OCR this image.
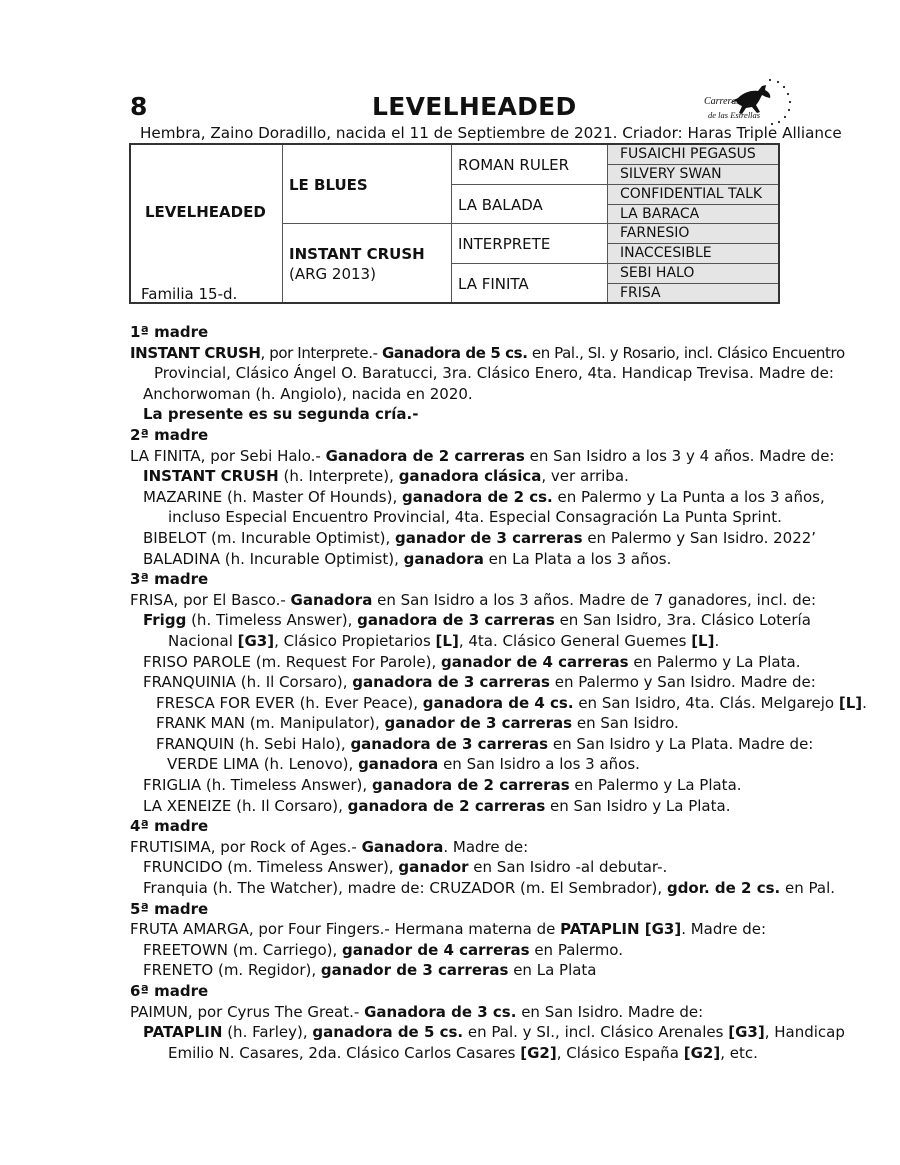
8	LEVELHEADED	Carreras
de las Estrellas
Hembra, Zaino Doradillo, nacida el 11 de Septiembre de 2021. Criador: Haras Triple Alliance
LEVELHEADED
Familia 15-d.
LE BLUES
INSTANT CRUSH
(ARG 2013)
ROMAN RULER
LA BALADA
INTERPRETE
LA FINITA
FUSAICHI PEGASUS
SILVERY SWAN
CONFIDENTIAL TALK
LA BARACA
FARNESIO
INACCESIBLE
SEBI HALO
FRISA

1ª madre

INSTANT CRUSH, por Interprete.- Ganadora de 5 cs. en Pal., SI. y Rosario, incl. Clásico Encuentro

Provincial, Clásico Ángel O. Baratucci, 3ra. Clásico Enero, 4ta. Handicap Trevisa. Madre de:

Anchorwoman (h. Angiolo), nacida en 2020.

La presente es su segunda cría.-

2ª madre

LA FINITA, por Sebi Halo.- Ganadora de 2 carreras en San Isidro a los 3 y 4 años. Madre de:

INSTANT CRUSH (h. Interprete), ganadora clásica, ver arriba.

MAZARINE (h. Master Of Hounds), ganadora de 2 cs. en Palermo y La Punta a los 3 años,

incluso Especial Encuentro Provincial, 4ta. Especial Consagración La Punta Sprint.

BIBELOT (m. Incurable Optimist), ganador de 3 carreras en Palermo y San Isidro. 2022’

BALADINA (h. Incurable Optimist), ganadora en La Plata a los 3 años.

3ª madre

FRISA, por El Basco.- Ganadora en San Isidro a los 3 años. Madre de 7 ganadores, incl. de:

Frigg (h. Timeless Answer), ganadora de 3 carreras en San Isidro, 3ra. Clásico Lotería

Nacional [G3], Clásico Propietarios [L], 4ta. Clásico General Guemes [L].

FRISO PAROLE (m. Request For Parole), ganador de 4 carreras en Palermo y La Plata.

FRANQUINIA (h. Il Corsaro), ganadora de 3 carreras en Palermo y San Isidro. Madre de:

FRESCA FOR EVER (h. Ever Peace), ganadora de 4 cs. en San Isidro, 4ta. Clás. Melgarejo [L].

FRANK MAN (m. Manipulator), ganador de 3 carreras en San Isidro.

FRANQUIN (h. Sebi Halo), ganadora de 3 carreras en San Isidro y La Plata. Madre de:

VERDE LIMA (h. Lenovo), ganadora en San Isidro a los 3 años.

FRIGLIA (h. Timeless Answer), ganadora de 2 carreras en Palermo y La Plata.

LA XENEIZE (h. Il Corsaro), ganadora de 2 carreras en San Isidro y La Plata.

4ª madre

FRUTISIMA, por Rock of Ages.- Ganadora. Madre de:

FRUNCIDO (m. Timeless Answer), ganador en San Isidro -al debutar-.

Franquia (h. The Watcher), madre de: CRUZADOR (m. El Sembrador), gdor. de 2 cs. en Pal.

5ª madre

FRUTA AMARGA, por Four Fingers.- Hermana materna de PATAPLIN [G3]. Madre de:

FREETOWN (m. Carriego), ganador de 4 carreras en Palermo.

FRENETO (m. Regidor), ganador de 3 carreras en La Plata

6ª madre

PAIMUN, por Cyrus The Great.- Ganadora de 3 cs. en San Isidro. Madre de:

PATAPLIN (h. Farley), ganadora de 5 cs. en Pal. y SI., incl. Clásico Arenales [G3], Handicap

Emilio N. Casares, 2da. Clásico Carlos Casares [G2], Clásico España [G2], etc.
